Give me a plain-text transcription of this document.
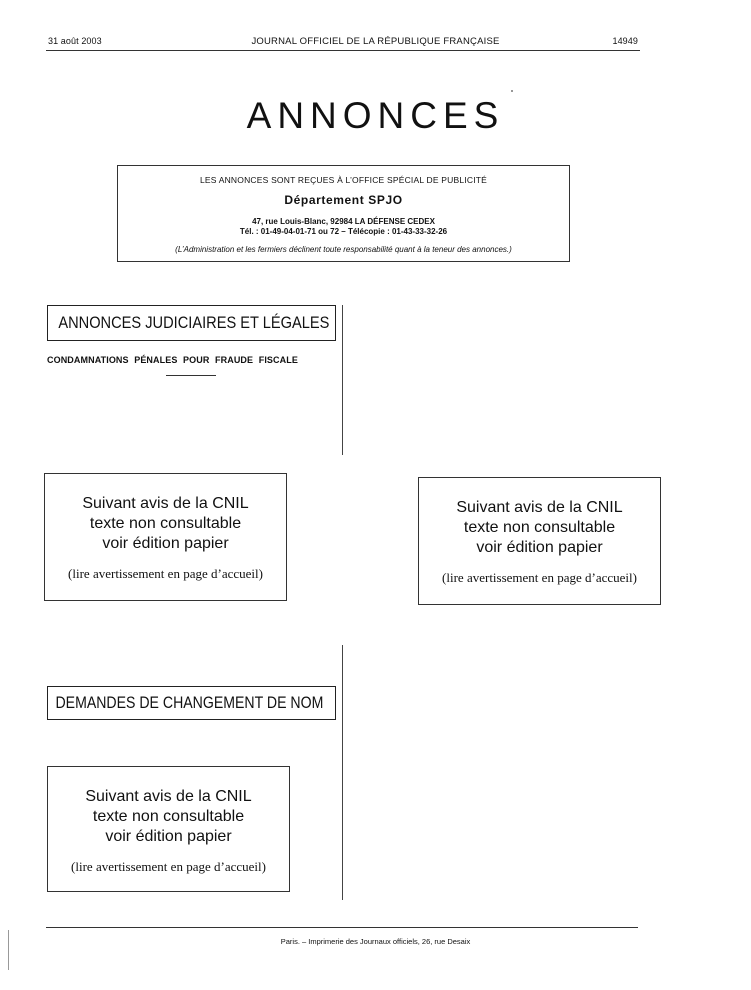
31 août 2003	JOURNAL OFFICIEL DE LA RÉPUBLIQUE FRANÇAISE	14949
ANNONCES
LES ANNONCES SONT REÇUES À L’OFFICE SPÉCIAL DE PUBLICITÉ
Département SPJO
47, rue Louis-Blanc, 92984 LA DÉFENSE CEDEX
Tél. : 01-49-04-01-71 ou 72 – Télécopie : 01-43-33-32-26
(L’Administration et les fermiers déclinent toute responsabilité quant à la teneur des annonces.)
ANNONCES JUDICIAIRES ET LÉGALES
CONDAMNATIONS PÉNALES POUR FRAUDE FISCALE
Suivant avis de la CNIL
texte non consultable
voir édition papier
(lire avertissement en page d’accueil)
Suivant avis de la CNIL
texte non consultable
voir édition papier
(lire avertissement en page d’accueil)
DEMANDES DE CHANGEMENT DE NOM
Suivant avis de la CNIL
texte non consultable
voir édition papier
(lire avertissement en page d’accueil)
Paris. – Imprimerie des Journaux officiels, 26, rue Desaix
